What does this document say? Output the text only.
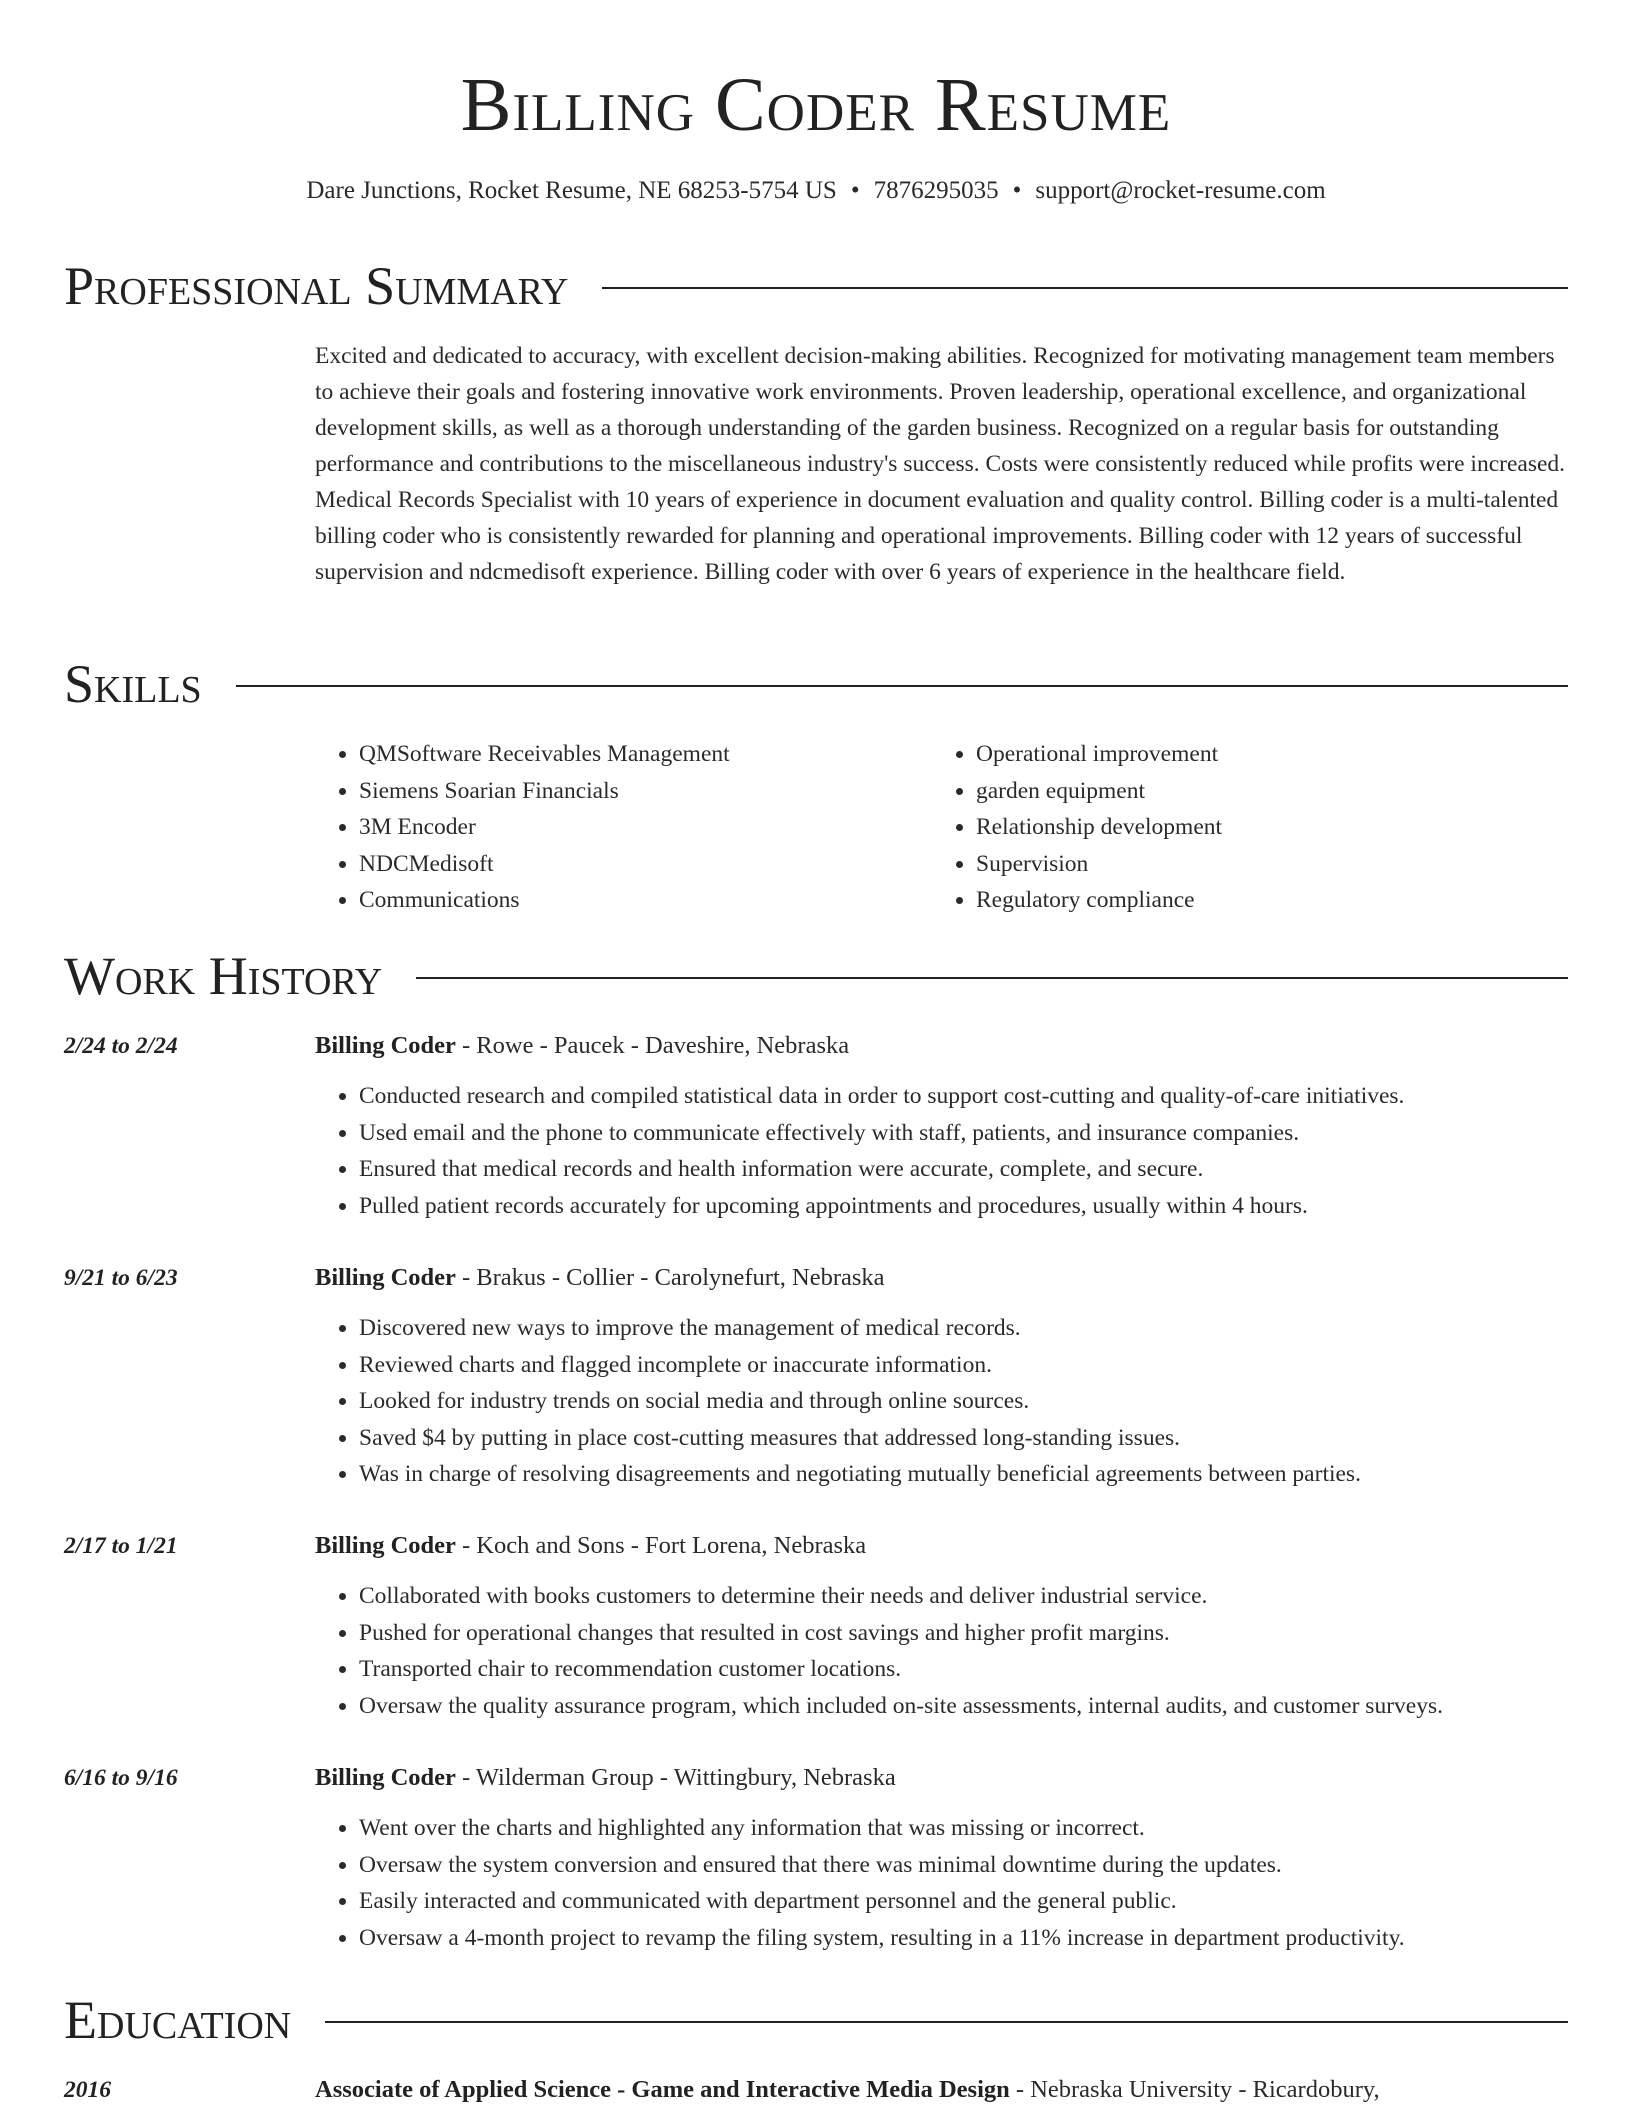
Billing Coder Resume
Dare Junctions, Rocket Resume, NE 68253-5754 US • 7876295035 • support@rocket-resume.com
Professional Summary
Excited and dedicated to accuracy, with excellent decision-making abilities. Recognized for motivating management team members to achieve their goals and fostering innovative work environments. Proven leadership, operational excellence, and organizational development skills, as well as a thorough understanding of the garden business. Recognized on a regular basis for outstanding performance and contributions to the miscellaneous industry's success. Costs were consistently reduced while profits were increased. Medical Records Specialist with 10 years of experience in document evaluation and quality control. Billing coder is a multi-talented billing coder who is consistently rewarded for planning and operational improvements. Billing coder with 12 years of successful supervision and ndcmedisoft experience. Billing coder with over 6 years of experience in the healthcare field.
Skills
• QMSoftware Receivables Management
• Siemens Soarian Financials
• 3M Encoder
• NDCMedisoft
• Communications
• Operational improvement
• garden equipment
• Relationship development
• Supervision
• Regulatory compliance
Work History
2/24 to 2/24	Billing Coder - Rowe - Paucek - Daveshire, Nebraska
• Conducted research and compiled statistical data in order to support cost-cutting and quality-of-care initiatives.
• Used email and the phone to communicate effectively with staff, patients, and insurance companies.
• Ensured that medical records and health information were accurate, complete, and secure.
• Pulled patient records accurately for upcoming appointments and procedures, usually within 4 hours.
9/21 to 6/23	Billing Coder - Brakus - Collier - Carolynefurt, Nebraska
• Discovered new ways to improve the management of medical records.
• Reviewed charts and flagged incomplete or inaccurate information.
• Looked for industry trends on social media and through online sources.
• Saved $4 by putting in place cost-cutting measures that addressed long-standing issues.
• Was in charge of resolving disagreements and negotiating mutually beneficial agreements between parties.
2/17 to 1/21	Billing Coder - Koch and Sons - Fort Lorena, Nebraska
• Collaborated with books customers to determine their needs and deliver industrial service.
• Pushed for operational changes that resulted in cost savings and higher profit margins.
• Transported chair to recommendation customer locations.
• Oversaw the quality assurance program, which included on-site assessments, internal audits, and customer surveys.
6/16 to 9/16	Billing Coder - Wilderman Group - Wittingbury, Nebraska
• Went over the charts and highlighted any information that was missing or incorrect.
• Oversaw the system conversion and ensured that there was minimal downtime during the updates.
• Easily interacted and communicated with department personnel and the general public.
• Oversaw a 4-month project to revamp the filing system, resulting in a 11% increase in department productivity.
Education
2016	Associate of Applied Science - Game and Interactive Media Design - Nebraska University - Ricardobury,
